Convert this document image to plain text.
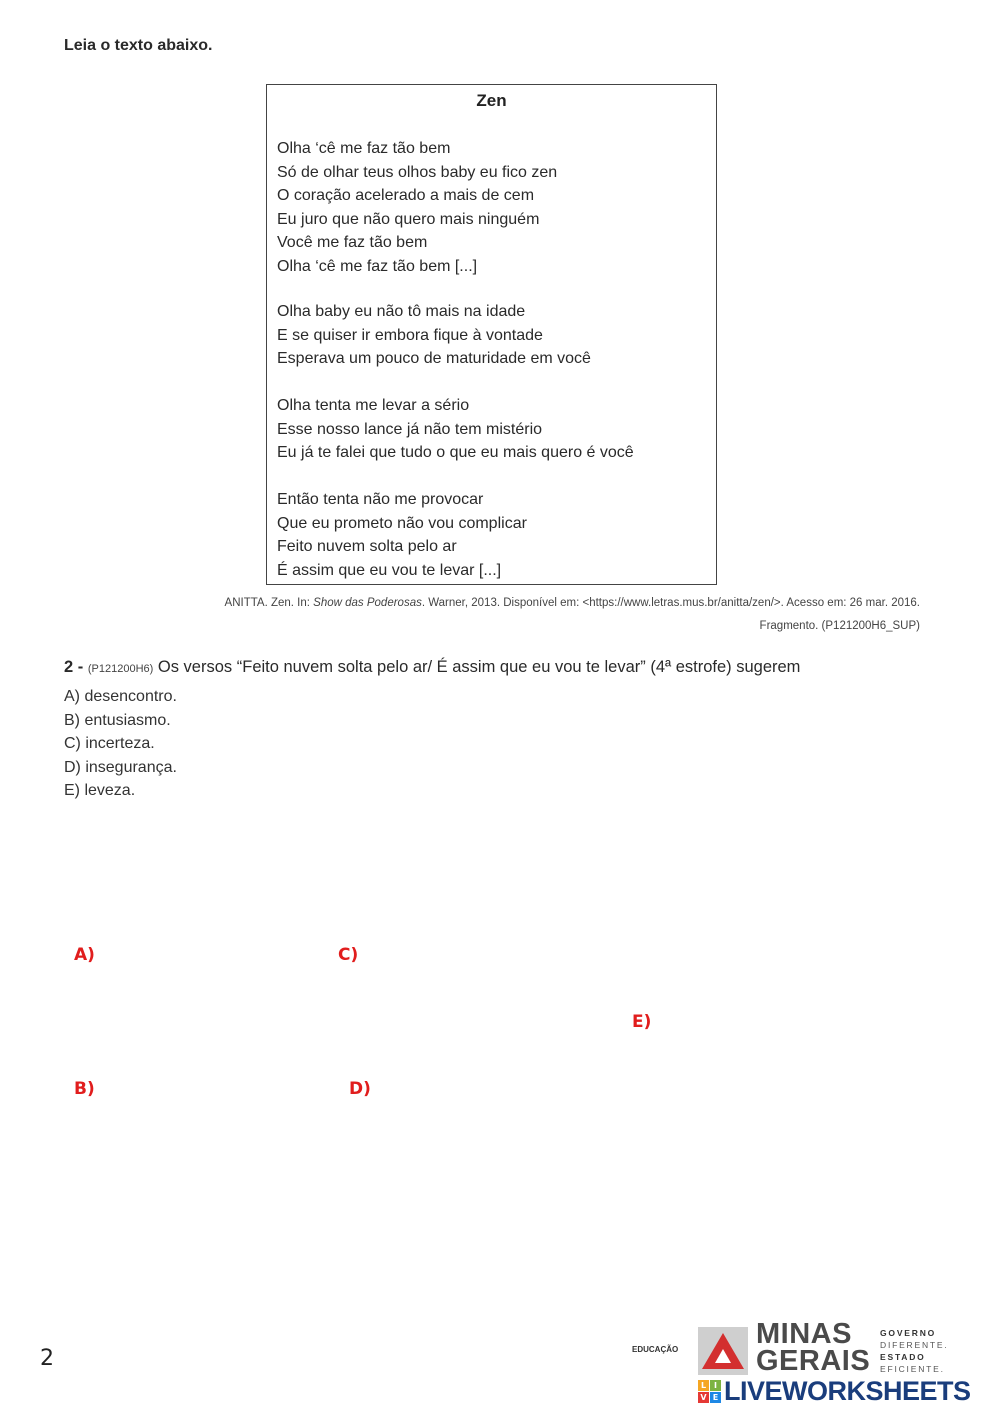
Leia o texto abaixo.
Zen
Olha ‘cê me faz tão bem
Só de olhar teus olhos baby eu fico zen
O coração acelerado a mais de cem
Eu juro que não quero mais ninguém
Você me faz tão bem
Olha ‘cê me faz tão bem [...]
Olha baby eu não tô mais na idade
E se quiser ir embora fique à vontade
Esperava um pouco de maturidade em você
Olha tenta me levar a sério
Esse nosso lance já não tem mistério
Eu já te falei que tudo o que eu mais quero é você
Então tenta não me provocar
Que eu prometo não vou complicar
Feito nuvem solta pelo ar
É assim que eu vou te levar [...]
ANITTA. Zen. In: Show das Poderosas. Warner, 2013. Disponível em: <https://www.letras.mus.br/anitta/zen/>. Acesso em: 26 mar. 2016.
Fragmento. (P121200H6_SUP)
2 - (P121200H6) Os versos “Feito nuvem solta pelo ar/ É assim que eu vou te levar” (4ª estrofe) sugerem
A) desencontro.
B) entusiasmo.
C) incerteza.
D) insegurança.
E) leveza.
A)	C)
E)
B)	D)
2	EDUCAÇÃO	MINAS
GERAIS
GOVERNO
DIFERENTE.
ESTADO
EFICIENTE.
L I
V E LIVEWORKSHEETS
